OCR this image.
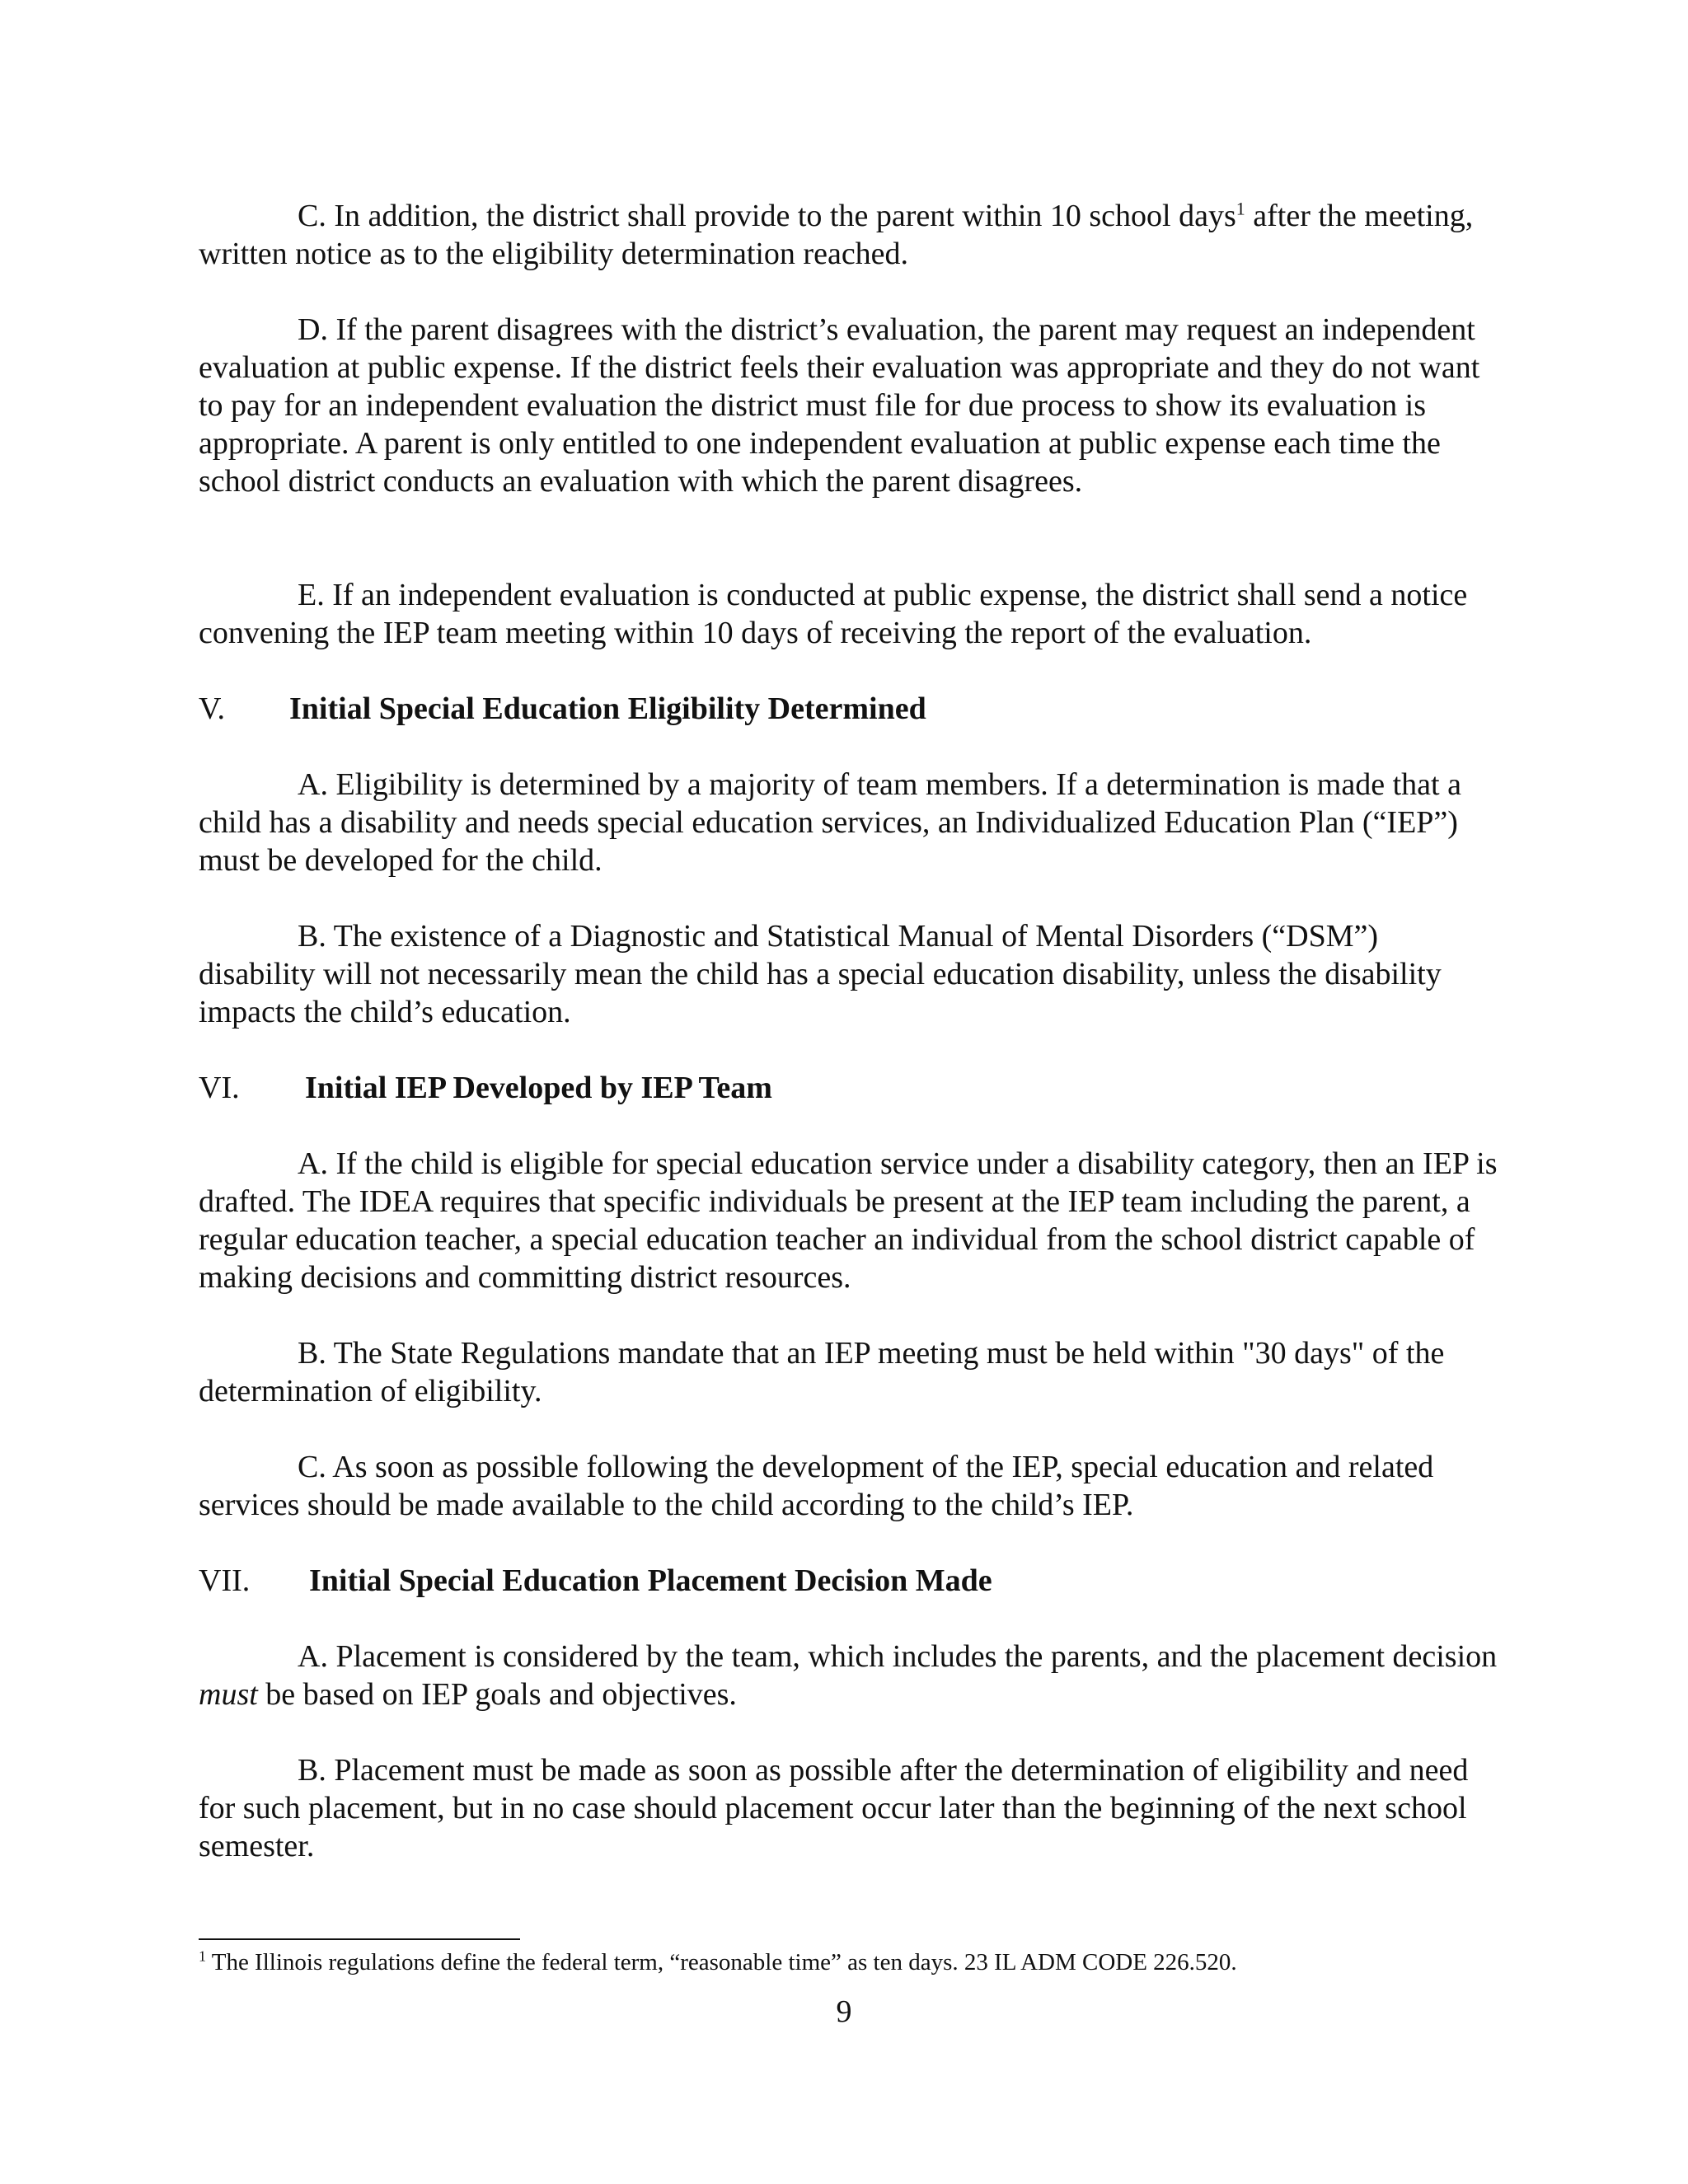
C. In addition, the district shall provide to the parent within 10 school days$^1$ after the meeting, written notice as to the eligibility determination reached.

D. If the parent disagrees with the district’s evaluation, the parent may request an independent evaluation at public expense. If the district feels their evaluation was appropriate and they do not want to pay for an independent evaluation the district must file for due process to show its evaluation is appropriate. A parent is only entitled to one independent evaluation at public expense each time the school district conducts an evaluation with which the parent disagrees.

E. If an independent evaluation is conducted at public expense, the district shall send a notice convening the IEP team meeting within 10 days of receiving the report of the evaluation.

V. Initial Special Education Eligibility Determined

A. Eligibility is determined by a majority of team members. If a determination is made that a child has a disability and needs special education services, an Individualized Education Plan (“IEP”) must be developed for the child.

B. The existence of a Diagnostic and Statistical Manual of Mental Disorders (“DSM”) disability will not necessarily mean the child has a special education disability, unless the disability impacts the child’s education.

VI. Initial IEP Developed by IEP Team

A. If the child is eligible for special education service under a disability category, then an IEP is drafted. The IDEA requires that specific individuals be present at the IEP team including the parent, a regular education teacher, a special education teacher an individual from the school district capable of making decisions and committing district resources.

B. The State Regulations mandate that an IEP meeting must be held within "30 days" of the determination of eligibility.

C. As soon as possible following the development of the IEP, special education and related services should be made available to the child according to the child’s IEP.

VII. Initial Special Education Placement Decision Made

A. Placement is considered by the team, which includes the parents, and the placement decision must be based on IEP goals and objectives.

B. Placement must be made as soon as possible after the determination of eligibility and need for such placement, but in no case should placement occur later than the beginning of the next school semester.

$^1$ The Illinois regulations define the federal term, “reasonable time” as ten days. 23 IL ADM CODE 226.520.

9
